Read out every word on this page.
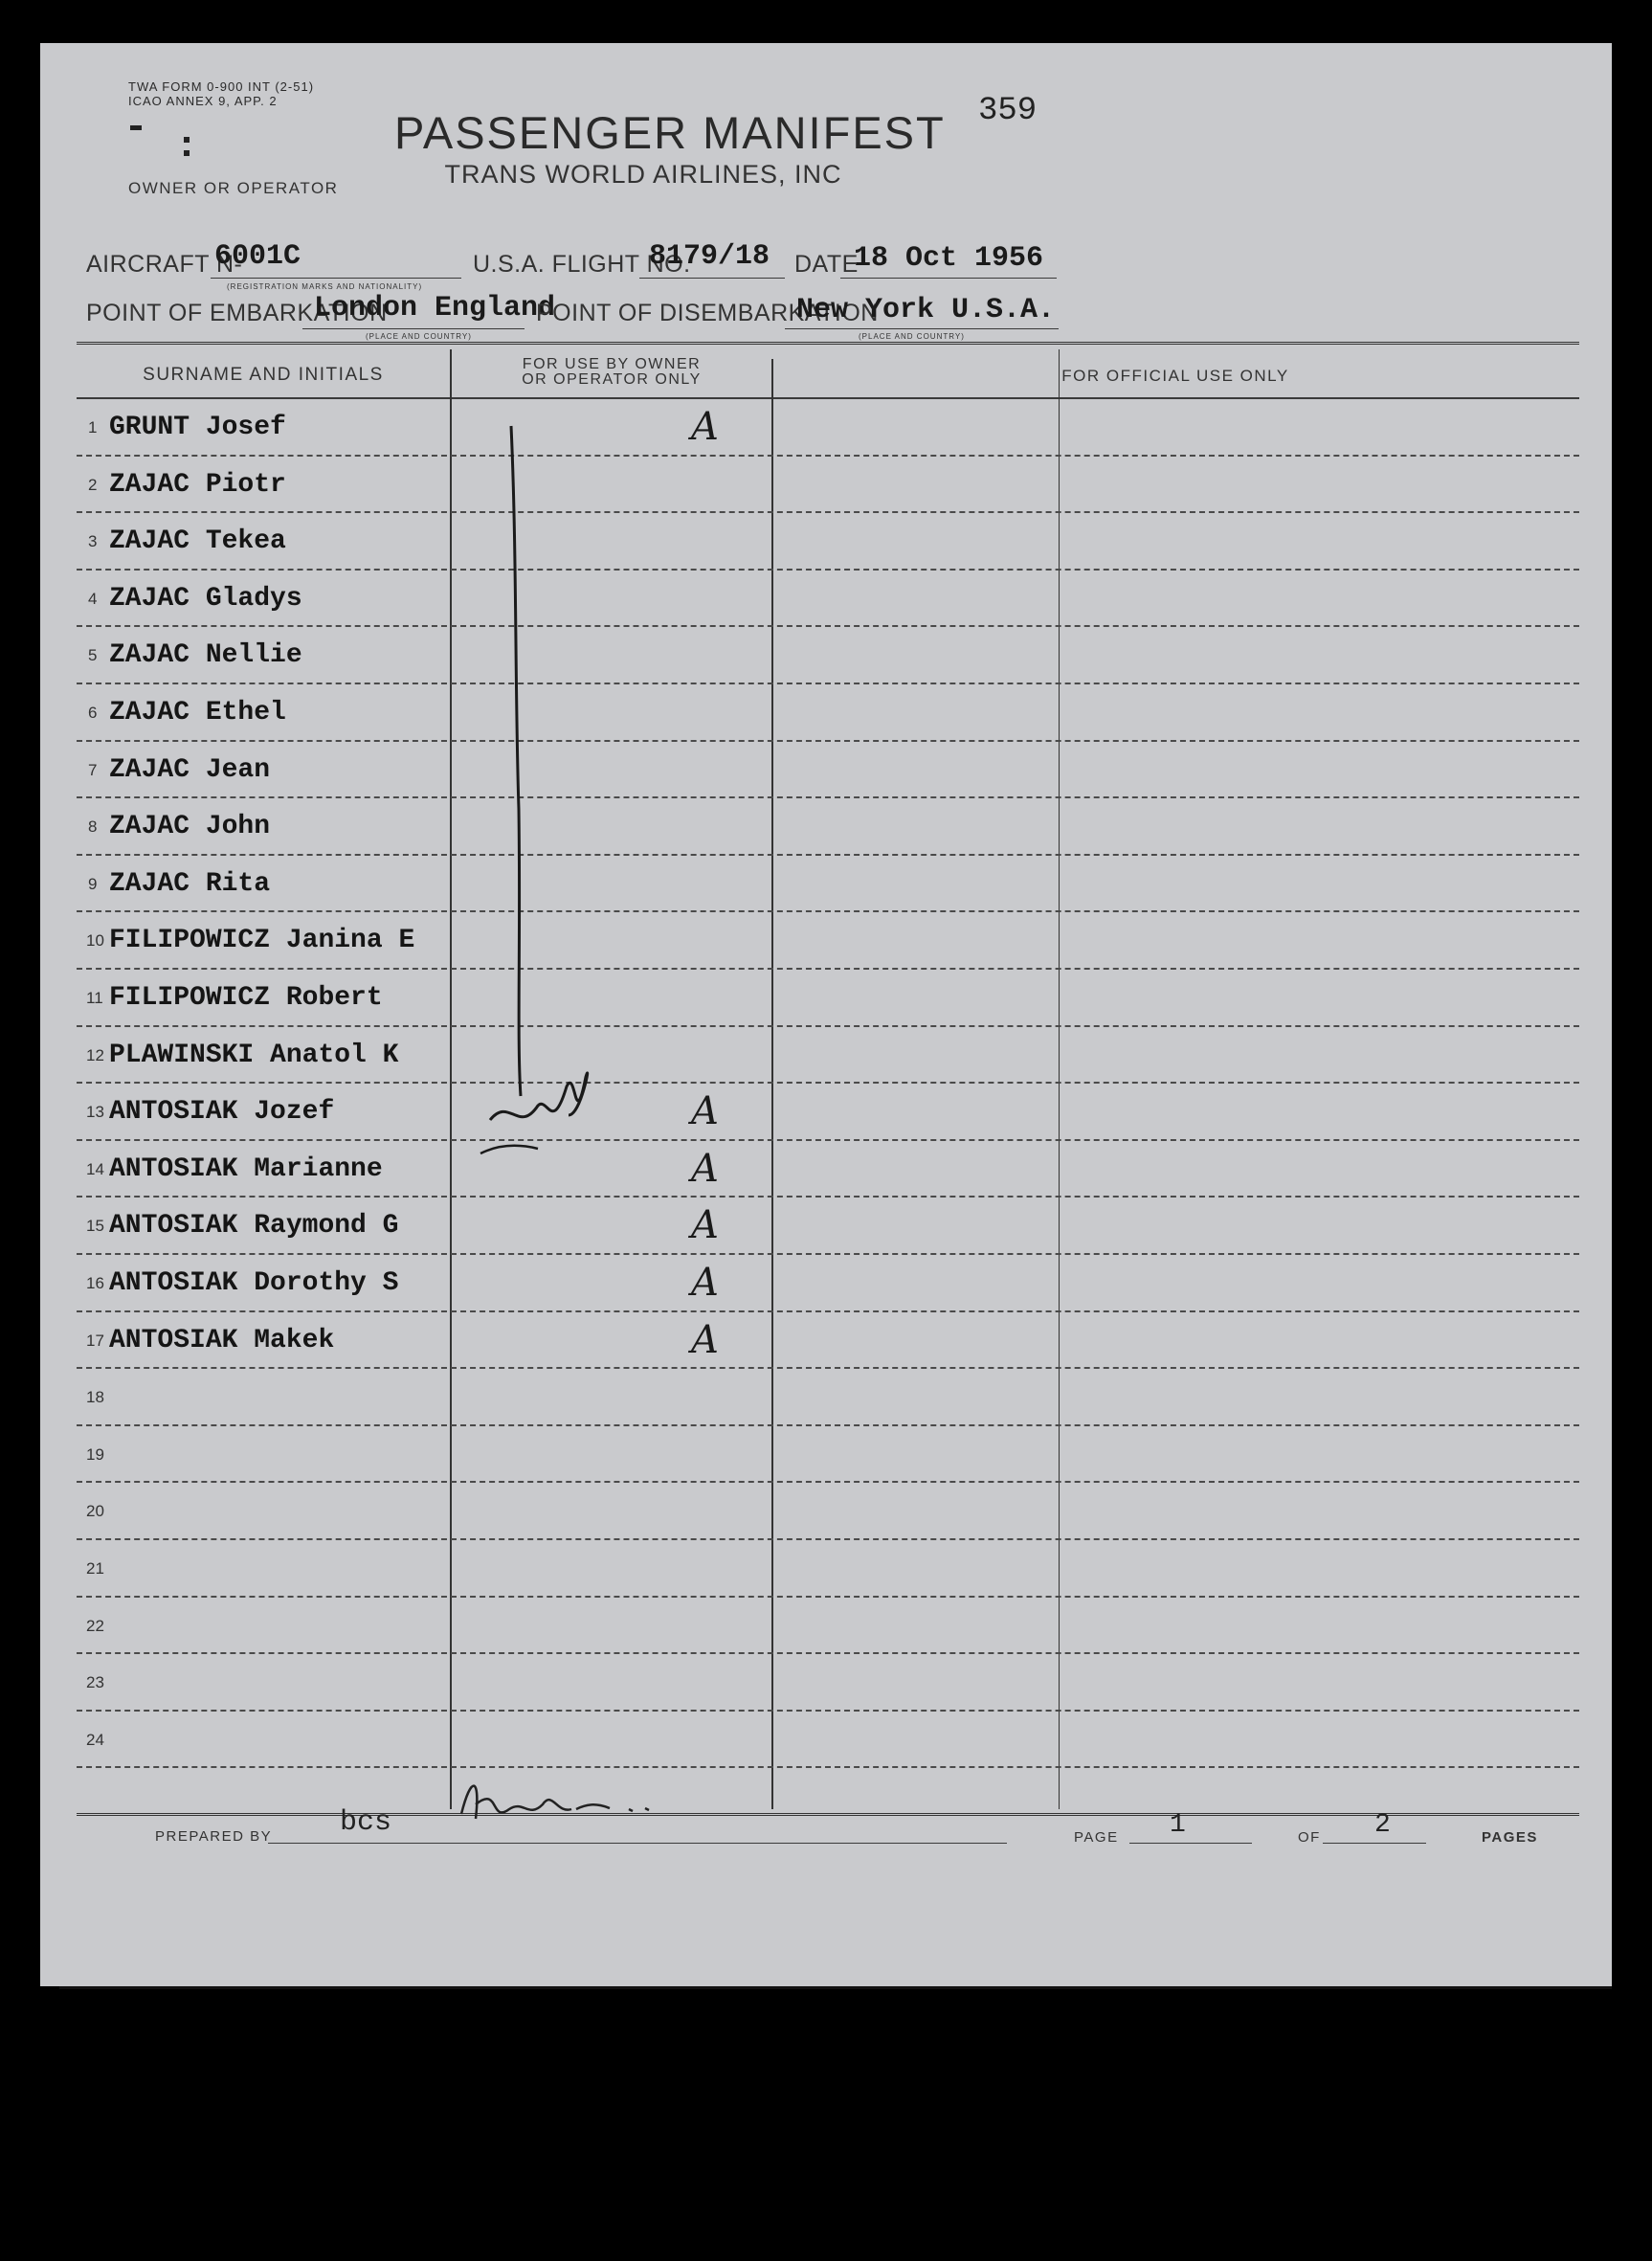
TWA FORM 0-900 INT (2-51)
ICAO ANNEX 9, APP. 2
OWNER OR OPERATOR
PASSENGER MANIFEST
TRANS WORLD AIRLINES, INC
359
AIRCRAFT N-
6001C
(REGISTRATION MARKS AND NATIONALITY)
U.S.A. FLIGHT NO.
8179/18 DATE
18 Oct 1956
POINT OF EMBARKATION
London England
(PLACE AND COUNTRY)
POINT OF DISEMBARKATION
New York U.S.A.
(PLACE AND COUNTRY)
SURNAME AND INITIALS
FOR USE BY OWNER
OR OPERATOR ONLY	FOR OFFICIAL USE ONLY
1 GRUNT Josef	A
2 ZAJAC Piotr
3 ZAJAC Tekea
4 ZAJAC Gladys
5 ZAJAC Nellie
6 ZAJAC Ethel
7 ZAJAC Jean
8 ZAJAC John
9 ZAJAC Rita
10 FILIPOWICZ Janina E
11 FILIPOWICZ Robert
12 PLAWINSKI Anatol K
13 ANTOSIAK Jozef	A
14 ANTOSIAK Marianne	A
15 ANTOSIAK Raymond G	A
16 ANTOSIAK Dorothy S	A
17 ANTOSIAK Makek	A
18
19
20
21
22
23
24
PREPARED BY bcs	PAGE 1	OF 2	PAGES
